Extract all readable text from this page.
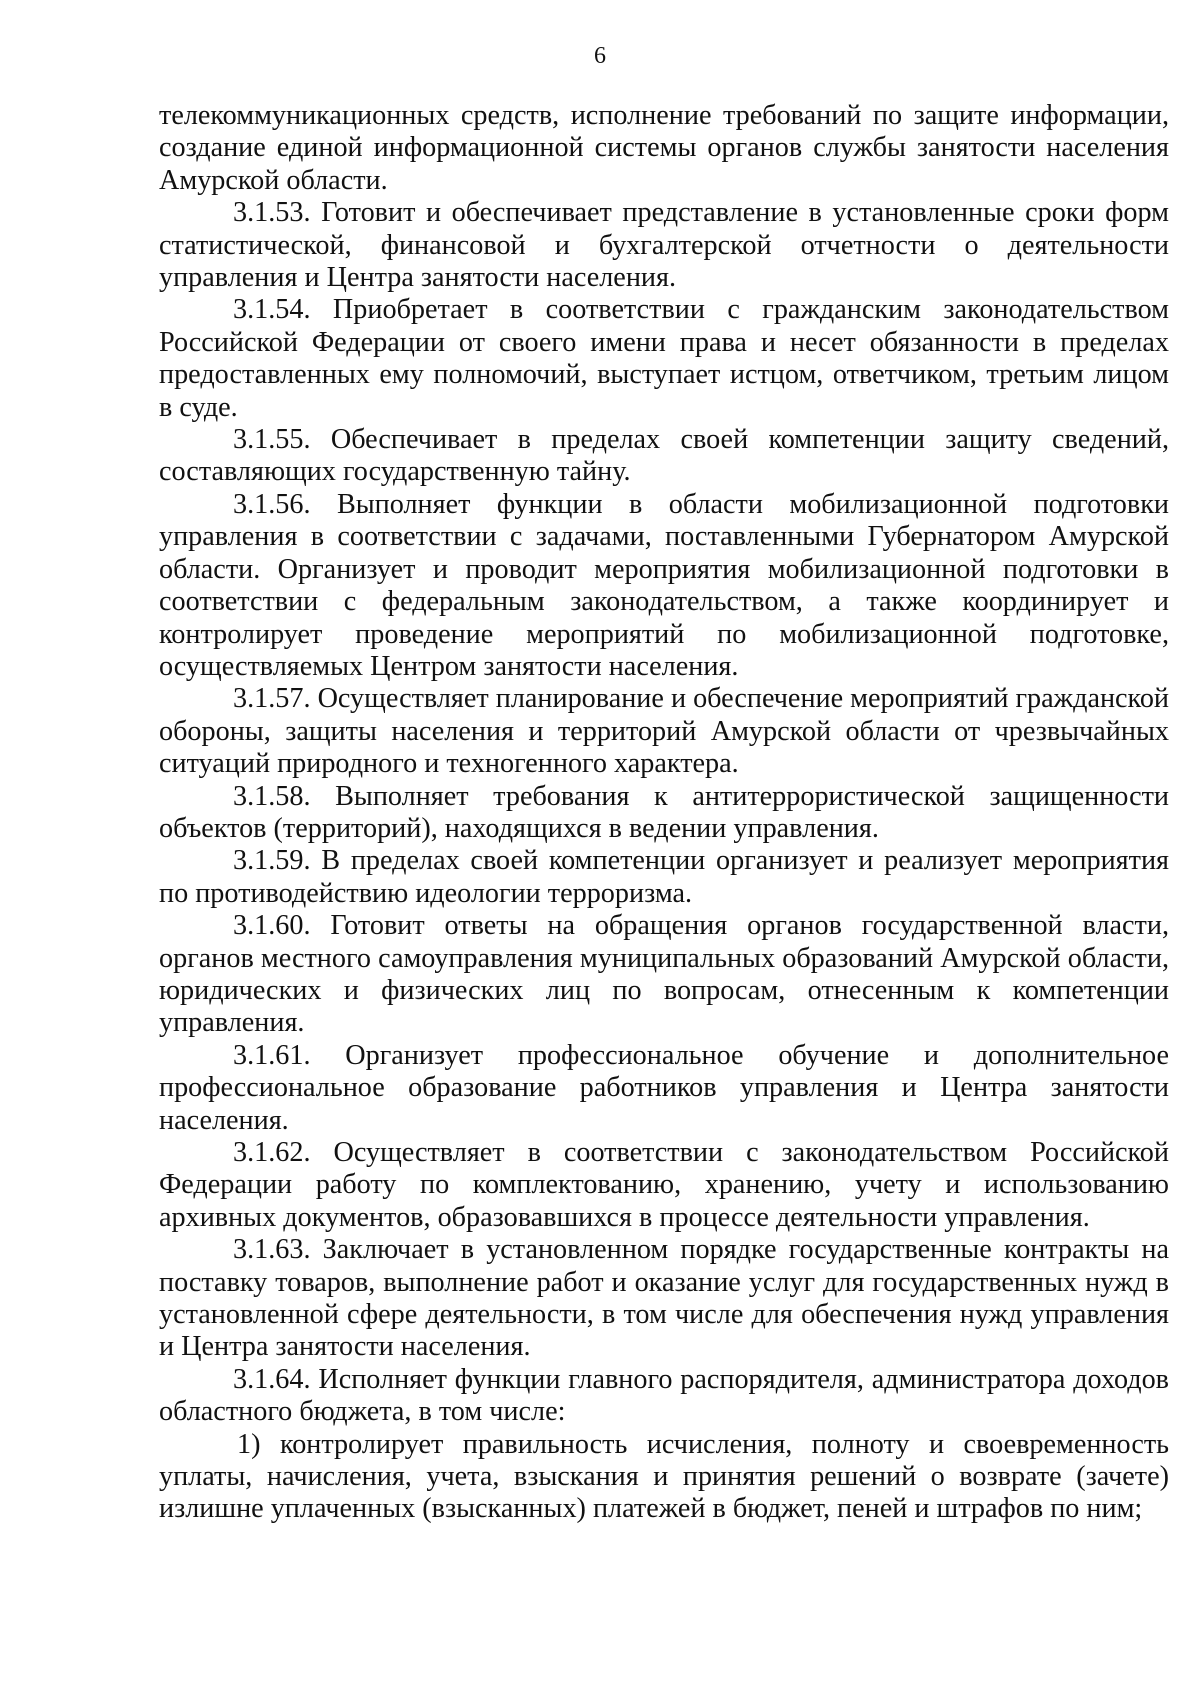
6

телекоммуникационных средств, исполнение требований по защите информации, создание единой информационной системы органов службы занятости населения Амурской области.

3.1.53. Готовит и обеспечивает представление в установленные сроки форм статистической, финансовой и бухгалтерской отчетности о деятельности управления и Центра занятости населения.

3.1.54. Приобретает в соответствии с гражданским законодательством Российской Федерации от своего имени права и несет обязанности в пределах предоставленных ему полномочий, выступает истцом, ответчиком, третьим лицом в суде.

3.1.55. Обеспечивает в пределах своей компетенции защиту сведений, составляющих государственную тайну.

3.1.56. Выполняет функции в области мобилизационной подготовки управления в соответствии с задачами, поставленными Губернатором Амурской области. Организует и проводит мероприятия мобилизационной подготовки в соответствии с федеральным законодательством, а также координирует и контролирует проведение мероприятий по мобилизационной подготовке, осуществляемых Центром занятости населения.

3.1.57. Осуществляет планирование и обеспечение мероприятий гражданской обороны, защиты населения и территорий Амурской области от чрезвычайных ситуаций природного и техногенного характера.

3.1.58. Выполняет требования к антитеррористической защищенности объектов (территорий), находящихся в ведении управления.

3.1.59. В пределах своей компетенции организует и реализует мероприятия по противодействию идеологии терроризма.

3.1.60. Готовит ответы на обращения органов государственной власти, органов местного самоуправления муниципальных образований Амурской области, юридических и физических лиц по вопросам, отнесенным к компетенции управления.

3.1.61. Организует профессиональное обучение и дополнительное профессиональное образование работников управления и Центра занятости населения.

3.1.62. Осуществляет в соответствии с законодательством Российской Федерации работу по комплектованию, хранению, учету и использованию архивных документов, образовавшихся в процессе деятельности управления.

3.1.63. Заключает в установленном порядке государственные контракты на поставку товаров, выполнение работ и оказание услуг для государственных нужд в установленной сфере деятельности, в том числе для обеспечения нужд управления и Центра занятости населения.

3.1.64. Исполняет функции главного распорядителя, администратора доходов областного бюджета, в том числе:

1) контролирует правильность исчисления, полноту и своевременность уплаты, начисления, учета, взыскания и принятия решений о возврате (зачете) излишне уплаченных (взысканных) платежей в бюджет, пеней и штрафов по ним;
